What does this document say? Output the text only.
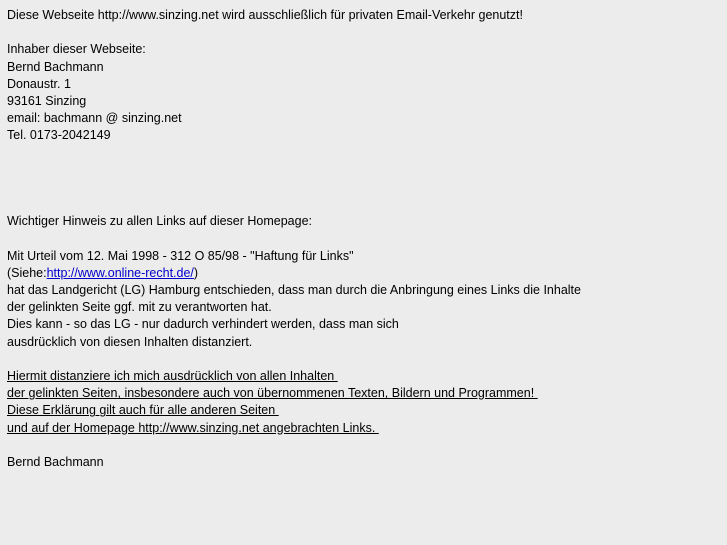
Diese Webseite http://www.sinzing.net wird ausschließlich für privaten Email-Verkehr genutzt!
Inhaber dieser Webseite:
Bernd Bachmann
Donaustr. 1
93161 Sinzing
email: bachmann @ sinzing.net
Tel. 0173-2042149
Wichtiger Hinweis zu allen Links auf dieser Homepage:
Mit Urteil vom 12. Mai 1998 - 312 O 85/98 - "Haftung für Links"
(Siehe:http://www.online-recht.de/)
hat das Landgericht (LG) Hamburg entschieden, dass man durch die Anbringung eines Links die Inhalte
der gelinkten Seite ggf. mit zu verantworten hat.
Dies kann - so das LG - nur dadurch verhindert werden, dass man sich
ausdrücklich von diesen Inhalten distanziert.
Hiermit distanziere ich mich ausdrücklich von allen Inhalten
der gelinkten Seiten, insbesondere auch von übernommenen Texten, Bildern und Programmen!
Diese Erklärung gilt auch für alle anderen Seiten
und auf der Homepage http://www.sinzing.net angebrachten Links.
Bernd Bachmann
